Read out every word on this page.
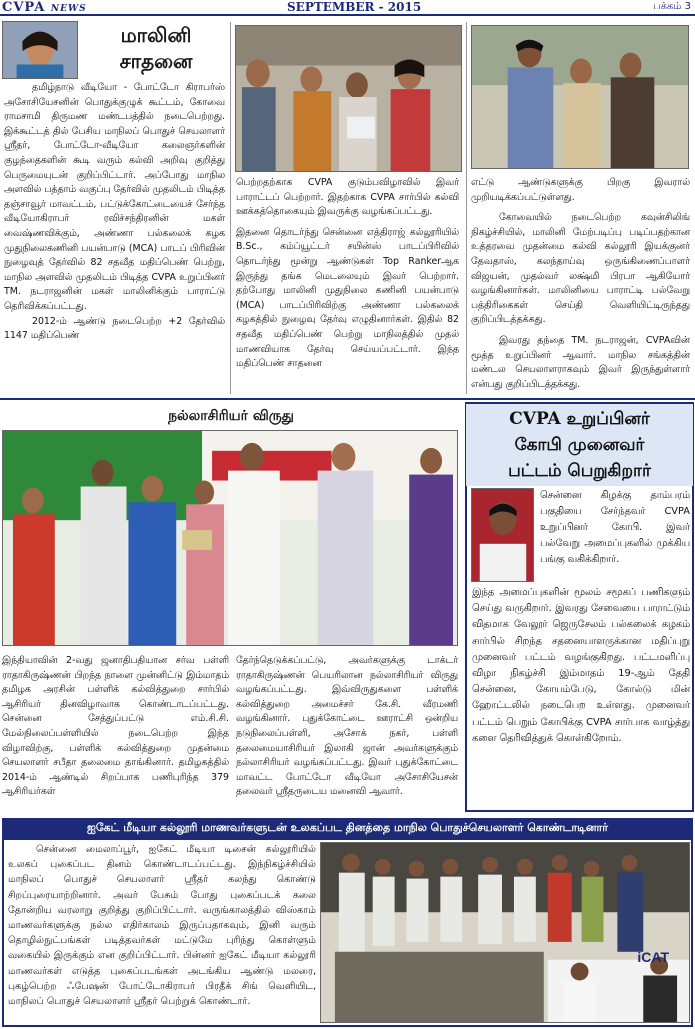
CVPA NEWS	SEPTEMBER - 2015	பக்கம் 3
மாலினி
சாதனை

தமிழ்நாடு வீடியோ - போட்டோ கிராபர்ஸ் அசோசியேசனின் பொதுக்குழுக் கூட்டம், கோவை ராமசாமி திருமண மண்டபத்தில் நடைபெற்றது. இக்கூட்டத் தில் பேசிய மாநிலப் பொதுச் செயலாளர் ஸ்ரீதர், போட்டோ-வீடியோ கலைஞர்களின் குழந்தைகளின் கூடி வரும் கல்வி அறிவு குறித்து பெருமையுடன் குறிப்பிட்டார். அப்போது மாநில அளவில் பத்தாம் வகுப்பு தேர்வில் முதலிடம் பிடித்த தஞ்சாவூர் மாவட்டம், பட்டுக்கோட்டையைச் சேர்ந்த வீடியோகிராபர் ரவிச்சந்திரனின் மகள் வைஷ்ணவிக்கும், அண்ணா பல்கலைக் கழக முதுநிலைகணினி பயன்பாடு (MCA) பாடப் பிரிவின் நுழைவுத் தேர்வில் 82 சதவீத மதிப்பெண் பெற்று, மாநில அளவில் முதலிடம் பிடித்த CVPA உறுப்பினர் TM. நடராஜனின் மகள் மாலினிக்கும் பாராட்டு தெரிவிக்கப்பட்டது.

2012-ம் ஆண்டு நடைபெற்ற +2 தேர்வில் 1147 மதிப்பெண்

பெற்றதற்காக CVPA குடும்பவிழாவில் இவர் பாராட்டப் பெற்றார். இதற்காக CVPA சார்பில் கல்வி ஊக்கத்தொகையும் இவருக்கு வழங்கப்பட்டது.

இதனை தொடர்ந்து சென்னை எத்திராஜ் கல்லூரியில் B.Sc., கம்ப்யூட்டர் சயின்ஸ் பாடப்பிரிவில் தொடர்ந்து மூன்று ஆண்டுகள் Top Rankerஆக இருந்து தங்க மெடலையும் இவர் பெற்றார். தற்போது மாலினி முதுநிலை கணினி பயன்பாடு (MCA) பாடப்பிரிவிற்கு அண்ணா பல்கலைக் கழகத்தில் நுழைவு தேர்வு எழுதினார்கள். இதில் 82 சதவீத மதிப்பெண் பெற்று மாநிலத்தில் முதல் மாணவியாக தேர்வு செய்யப்பட்டார். இந்த மதிப்பெண் சாதனை

எட்டு ஆண்டுகளுக்கு பிறகு இவரால் முறியடிக்கப்பட்டுள்ளது.

கோவையில் நடைபெற்ற கவுன்சிலிங் நிகழ்ச்சியில், மாலினி மேற்படிப்பு படிப்பதற்கான உத்தரவை முதன்மை கல்வி கல்லூரி இயக்குனர் தேவதாஸ், கலந்தாய்வு ஒருங்கிணைப்பாளர் விஜயன், முதல்வர் லக்ஷ்மி பிரபா ஆகியோர் வழங்கினார்கள். மாலினியை பாராட்டி பல்வேறு பத்திரிகைகள் செய்தி வெளியிட்டிருந்தது குறிப்பிடத்தக்கது.

இவரது தந்தை TM. நடராஜன், CVPAவின் மூத்த உறுப்பினர் ஆவார். மாநில சங்கத்தின் மண்டல செயலாளராகவும் இவர் இருந்துள்ளார் என்பது குறிப்பிடத்தக்கது.

நல்லாசிரியர் விருது

இந்தியாவின் 2-வது ஜனாதிபதியான சர்வ பள்ளி ராதாகிருஷ்ணன் பிறந்த நாளை முன்னிட்டு இம்மாதம் தமிழக அரசின் பள்ளிக் கல்வித்துறை சார்பில் ஆசிரியர் தினவிழாவாக கொண்டாடப்பட்டது. சென்னை சேத்துப்பட்டு எம்.சி.சி. மேல்நிலைப்பள்ளியில் நடைபெற்ற இந்த விழாவிற்கு, பள்ளிக் கல்வித்துறை முதன்மை செயலாளர் சபீதா தலைமை தாங்கினார். தமிழகத்தில் 2014-ம் ஆண்டில் சிறப்பாக பணிபுரிந்த 379 ஆசிரியர்கள்

தேர்ந்தெடுக்கப்பட்டு, அவர்களுக்கு டாக்டர் ராதாகிருஷ்ணன் பெயரிலான நல்லாசிரியர் விருது வழங்கப்பட்டது. இவ்விருதுகளை பள்ளிக் கல்வித்துறை அமைச்சர் கே.சி. வீரமணி வழங்கினார். புதுக்கோட்டை ஊராட்சி ஒன்றிய நடுநிலைப்பள்ளி, அசோக் நகர், பள்ளி தலைமையாசிரியர் இலாகி ஜான் அவர்களுக்கும் நல்லாசிரியர் வழங்கப்பட்டது. இவர் புதுக்கோட்டை மாவட்ட போட்டோ வீடியோ அசோசியேசன் தலைவர் ஸ்ரீதருடைய மனைவி ஆவார்.

CVPA உறுப்பினர்
கோபி முனைவர்
பட்டம் பெறுகிறார்

சென்னை கிழக்கு தாம்பரம் பகுதியை சேர்ந்தவர் CVPA உறுப்பினர் கோபி. இவர் பல்வேறு அமைப்புகளில் முக்கிய பங்கு வகிக்கிறார்.

இந்த அமைப்புகளின் மூலம் சமூகப் பணிகளும் செய்து வருகிறார். இவரது சேவையை பாராட்டும் விதமாக வேலூர் ஜெருசேலம் பல்கலைக் கழகம் சார்பில் சிறந்த சதனையாளருக்கான மதிப்புறு முனைவர் பட்டம் வழங்குகிறது. பட்டமளிப்பு விழா நிகழ்ச்சி இம்மாதம் 19-ஆம் தேதி சென்னை, கோயம்பேடு, கோல்டு மின் ஹோட்டலில் நடைபெற உள்ளது. முனைவர் பட்டம் பெறும் கோபிக்கு CVPA சார்பாக வாழ்த்து களை தெரிவித்துக் கொள்கிறோம்.

ஐகேட் மீடியா கல்லூரி மாணவர்களுடன் உலகப்பட தினத்தை மாநில பொதுச்செயலாளர் கொண்டாடினார்

சென்னை மைலாப்பூர், ஐகேட் மீடியா டிசைன் கல்லூரியில் உலகப் புகைப்பட தினம் கொண்டாடப்பட்டது. இந்நிகழ்ச்சியில் மாநிலப் பொதுச் செயலாளர் ஸ்ரீதர் கலந்து கொண்டு சிறப்புரையாற்றினார். அவர் பேசும் போது புகைப்படக் கலை தோன்றிய வரலாறு குறித்து குறிப்பிட்டார். வருங்காலத்தில் விஸ்காம் மாணவர்களுக்கு நல்ல எதிர்காலம் இருப்பதாகவும், இனி வரும் தொழில்நுட்பங்கள் படித்தவர்கள் மட்டுமே புரிந்து கொள்ளும் வகையில் இருக்கும் என குறிப்பிட்டார். பின்னர் ஐகேட் மீடியா கல்லூரி மாணவர்கள் எடுத்த புகைப்படங்கள் அடங்கிய ஆண்டு மலரை, புகழ்பெற்ற ஃபேஷன் போட்டோகிராபர் பிரதீக் சிங் வெளியிட, மாநிலப் பொதுச் செயலாளர் ஸ்ரீதர் பெற்றுக் கொண்டார்.

iCAT
